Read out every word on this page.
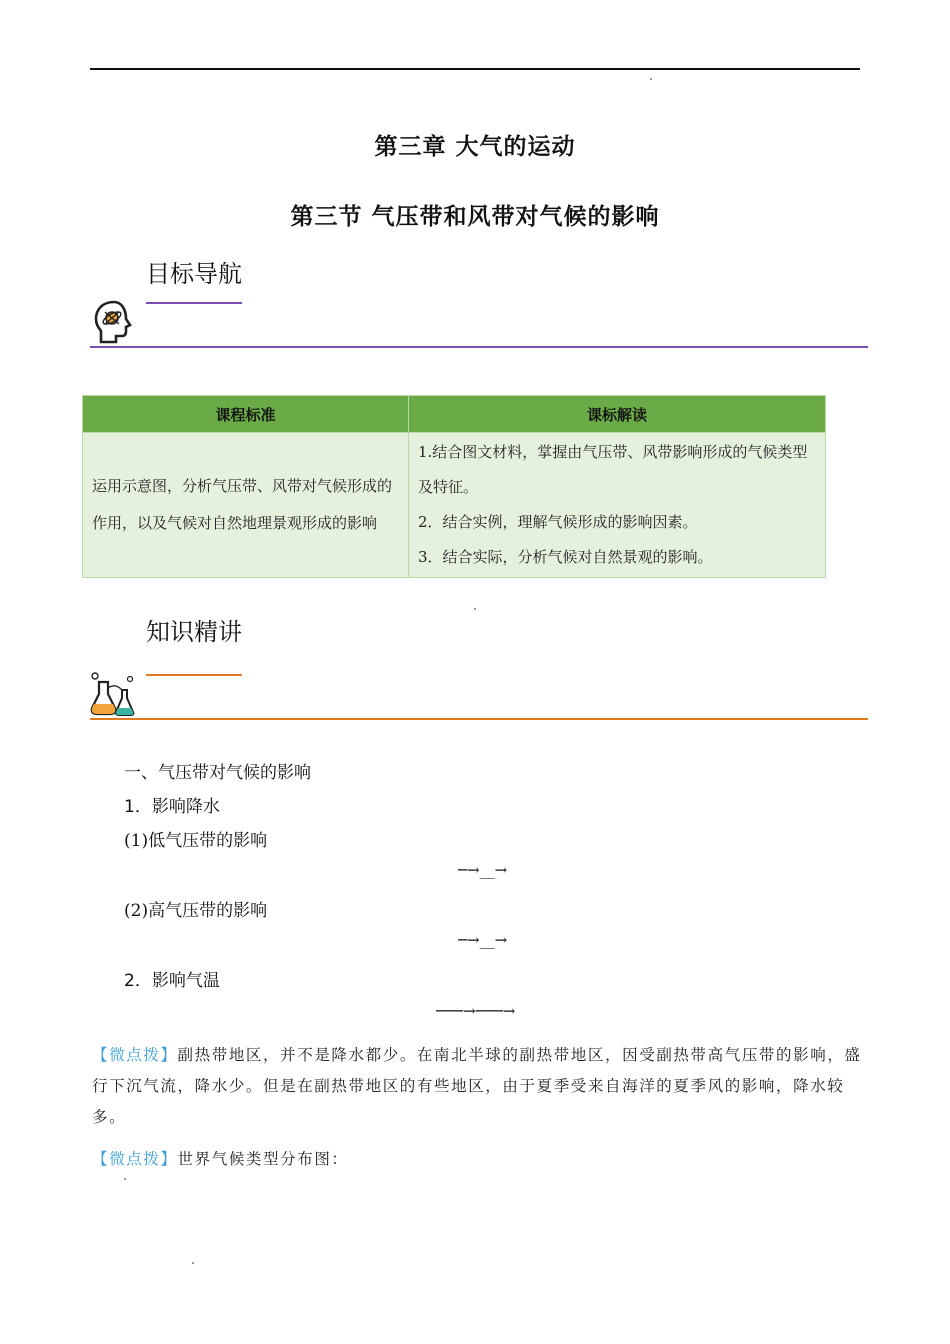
第三章 大气的运动
第三节 气压带和风带对气候的影响
目标导航
课程标准	课标解读
运用示意图，分析气压带、风带对气候形成的作用，以及气候对自然地理景观形成的影响	1.结合图文材料，掌握由气压带、风带影响形成的气候类型及特征。
2．结合实例，理解气候形成的影响因素。
3．结合实际，分析气候对自然景观的影响。
知识精讲
一、气压带对气候的影响
1．影响降水
(1)低气压带的影响
─→__→
(2)高气压带的影响
─→__→
2．影响气温
───→───→
【微点拨】副热带地区，并不是降水都少。在南北半球的副热带地区，因受副热带高气压带的影响，盛行下沉气流，降水少。但是在副热带地区的有些地区，由于夏季受来自海洋的夏季风的影响，降水较多。
【微点拨】世界气候类型分布图：
